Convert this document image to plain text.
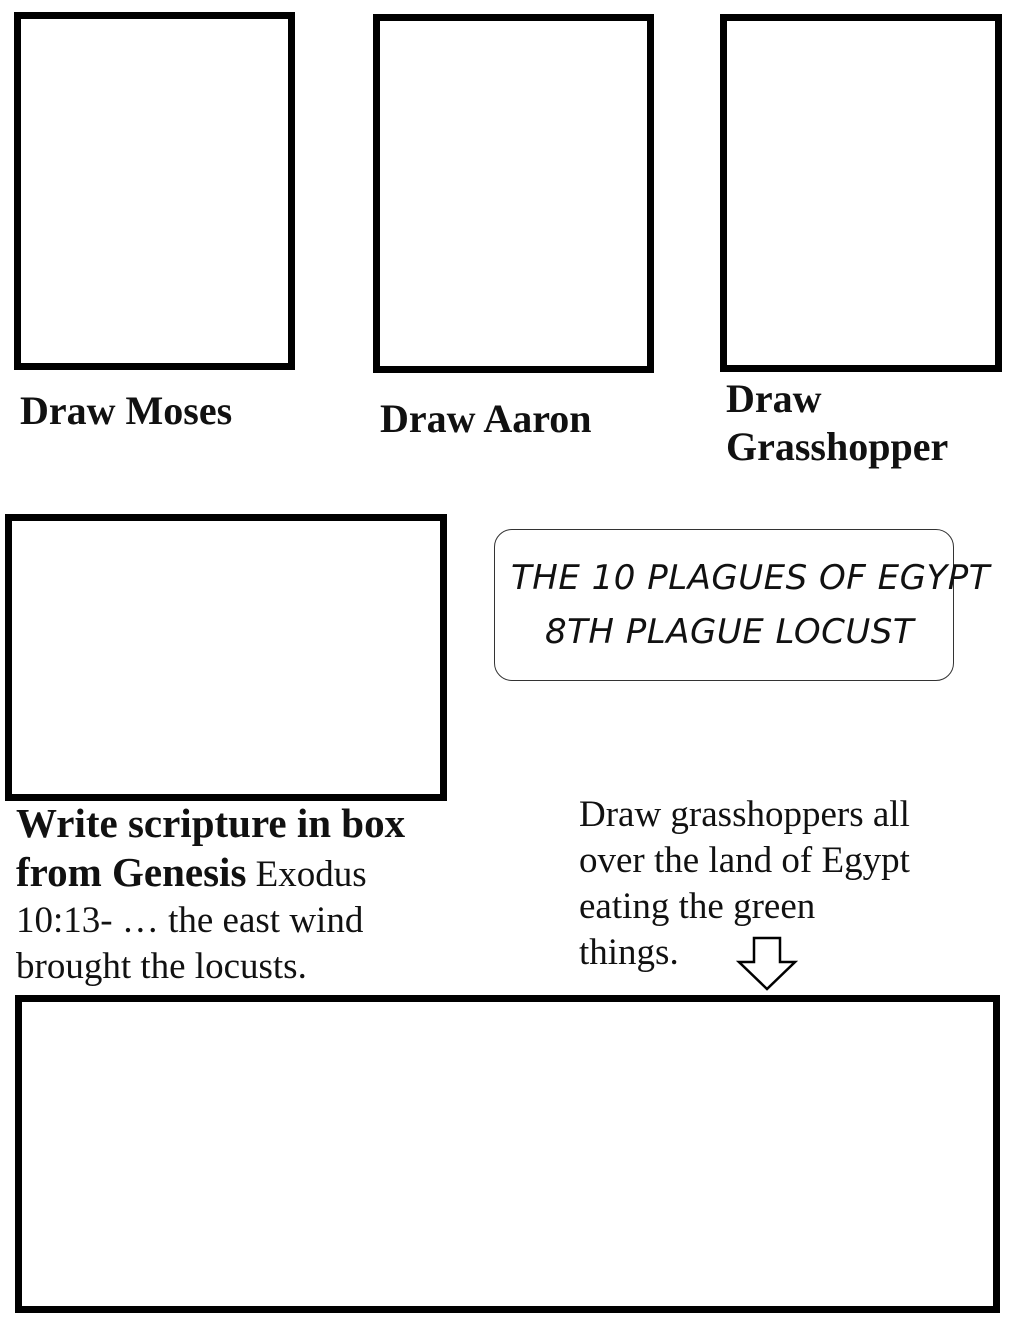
Draw Moses	Draw Aaron	Draw
Grasshopper
THE 10 PLAGUES OF EGYPT
8TH PLAGUE LOCUST
Write scripture in box
from Genesis Exodus
10:13- … the east wind
brought the locusts.
Draw grasshoppers all
over the land of Egypt
eating the green
things.
